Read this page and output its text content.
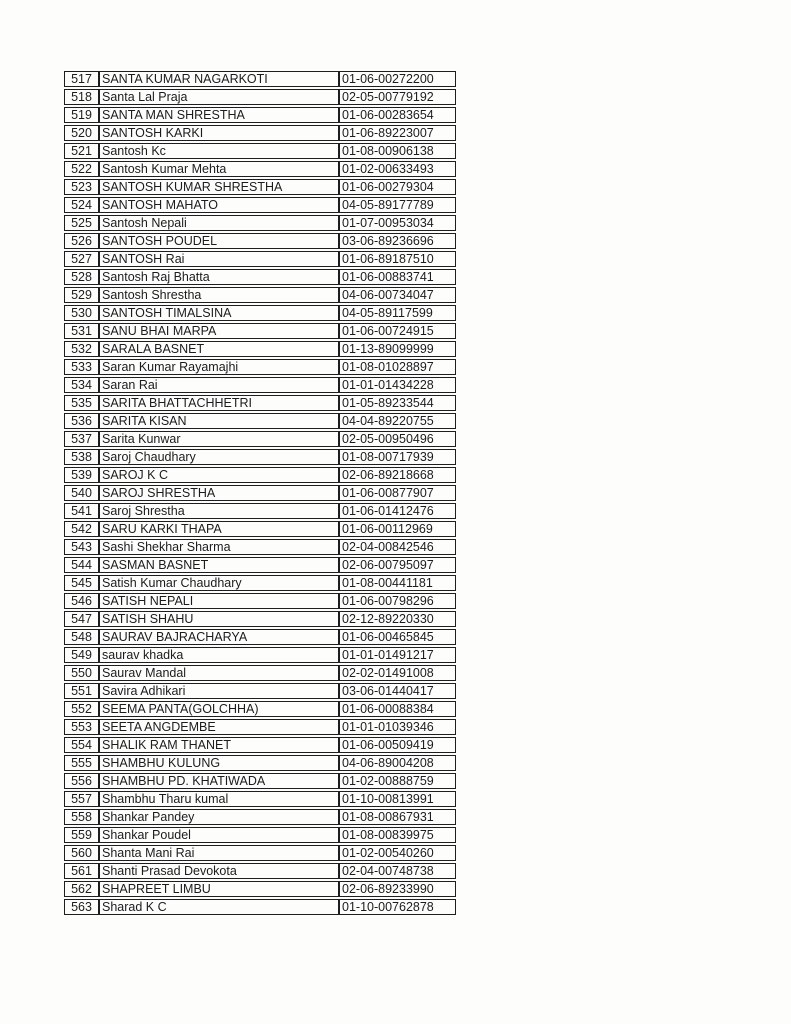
517	SANTA KUMAR NAGARKOTI	01-06-00272200
518	Santa Lal Praja	02-05-00779192
519	SANTA MAN SHRESTHA	01-06-00283654
520	SANTOSH KARKI	01-06-89223007
521	Santosh Kc	01-08-00906138
522	Santosh Kumar Mehta	01-02-00633493
523	SANTOSH KUMAR SHRESTHA	01-06-00279304
524	SANTOSH MAHATO	04-05-89177789
525	Santosh Nepali	01-07-00953034
526	SANTOSH POUDEL	03-06-89236696
527	SANTOSH Rai	01-06-89187510
528	Santosh Raj Bhatta	01-06-00883741
529	Santosh Shrestha	04-06-00734047
530	SANTOSH TIMALSINA	04-05-89117599
531	SANU BHAI MARPA	01-06-00724915
532	SARALA BASNET	01-13-89099999
533	Saran Kumar Rayamajhi	01-08-01028897
534	Saran Rai	01-01-01434228
535	SARITA BHATTACHHETRI	01-05-89233544
536	SARITA KISAN	04-04-89220755
537	Sarita Kunwar	02-05-00950496
538	Saroj Chaudhary	01-08-00717939
539	SAROJ K C	02-06-89218668
540	SAROJ SHRESTHA	01-06-00877907
541	Saroj Shrestha	01-06-01412476
542	SARU KARKI THAPA	01-06-00112969
543	Sashi Shekhar Sharma	02-04-00842546
544	SASMAN BASNET	02-06-00795097
545	Satish Kumar Chaudhary	01-08-00441181
546	SATISH NEPALI	01-06-00798296
547	SATISH SHAHU	02-12-89220330
548	SAURAV BAJRACHARYA	01-06-00465845
549	saurav khadka	01-01-01491217
550	Saurav Mandal	02-02-01491008
551	Savira Adhikari	03-06-01440417
552	SEEMA PANTA(GOLCHHA)	01-06-00088384
553	SEETA ANGDEMBE	01-01-01039346
554	SHALIK RAM THANET	01-06-00509419
555	SHAMBHU KULUNG	04-06-89004208
556	SHAMBHU PD. KHATIWADA	01-02-00888759
557	Shambhu Tharu kumal	01-10-00813991
558	Shankar Pandey	01-08-00867931
559	Shankar Poudel	01-08-00839975
560	Shanta Mani Rai	01-02-00540260
561	Shanti Prasad Devokota	02-04-00748738
562	SHAPREET LIMBU	02-06-89233990
563	Sharad K C	01-10-00762878
